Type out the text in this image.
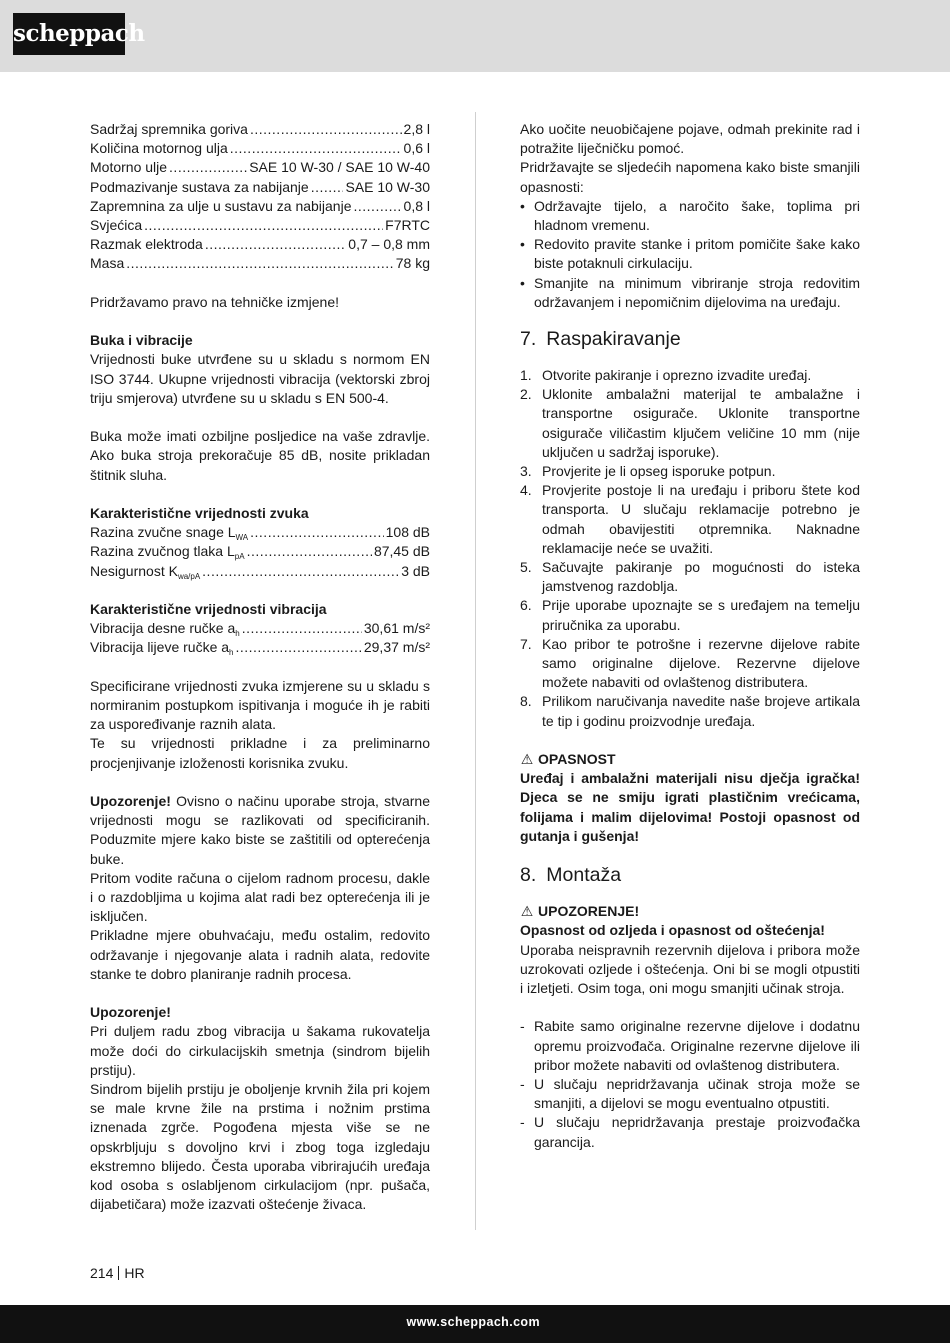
scheppach
Sadržaj spremnika goriva .....	2,8 l
Količina motornog ulja .....	0,6 l
Motorno ulje .....	SAE 10 W-30 / SAE 10 W-40
Podmazivanje sustava za nabijanje .....	SAE 10 W-30
Zapremnina za ulje u sustavu za nabijanje .....	0,8 l
Svjećica .....	F7RTC
Razmak elektroda .....	0,7 – 0,8 mm
Masa .....	78 kg

Pridržavamo pravo na tehničke izmjene!

Buka i vibracije

Vrijednosti buke utvrđene su u skladu s normom EN ISO 3744. Ukupne vrijednosti vibracija (vektorski zbroj triju smjerova) utvrđene su u skladu s EN 500-4.

Buka može imati ozbiljne posljedice na vaše zdravlje. Ako buka stroja prekoračuje 85 dB, nosite prikladan štitnik sluha.

Karakteristične vrijednosti zvuka

Razina zvučne snage $L_{WA}$ .....	108 dB
Razina zvučnog tlaka $L_{pA}$ .....	87,45 dB
Nesigurnost $K_{wa/pA}$ .....	3 dB

Karakteristične vrijednosti vibracija

Vibracija desne ručke $a_h$ .....	30,61 m/s²
Vibracija lijeve ručke $a_h$ .....	29,37 m/s²

Specificirane vrijednosti zvuka izmjerene su u skladu s normiranim postupkom ispitivanja i moguće ih je rabiti za uspoređivanje raznih alata.

Te su vrijednosti prikladne i za preliminarno procjenjivanje izloženosti korisnika zvuku.

Upozorenje! Ovisno o načinu uporabe stroja, stvarne vrijednosti mogu se razlikovati od specificiranih. Poduzmite mjere kako biste se zaštitili od opterećenja buke.

Pritom vodite računa o cijelom radnom procesu, dakle i o razdobljima u kojima alat radi bez opterećenja ili je isključen.

Prikladne mjere obuhvaćaju, među ostalim, redovito održavanje i njegovanje alata i radnih alata, redovite stanke te dobro planiranje radnih procesa.

Upozorenje!

Pri duljem radu zbog vibracija u šakama rukovatelja može doći do cirkulacijskih smetnja (sindrom bijelih prstiju).

Sindrom bijelih prstiju je oboljenje krvnih žila pri kojem se male krvne žile na prstima i nožnim prstima iznenada zgrče. Pogođena mjesta više se ne opskrbljuju s dovoljno krvi i zbog toga izgledaju ekstremno blijedo. Česta uporaba vibrirajućih uređaja kod osoba s oslabljenom cirkulacijom (npr. pušača, dijabetičara) može izazvati oštećenje živaca.

Ako uočite neuobičajene pojave, odmah prekinite rad i potražite liječničku pomoć.

Pridržavajte se sljedećih napomena kako biste smanjili opasnosti:

• Održavajte tijelo, a naročito šake, toplima pri hladnom vremenu.
• Redovito pravite stanke i pritom pomičite šake kako biste potaknuli cirkulaciju.
• Smanjite na minimum vibriranje stroja redovitim održavanjem i nepomičnim dijelovima na uređaju.
7. Raspakiravanje
1. Otvorite pakiranje i oprezno izvadite uređaj.
2. Uklonite ambalažni materijal te ambalažne i transportne osigurače. Uklonite transportne osigurače viličastim ključem veličine 10 mm (nije uključen u sadržaj isporuke).
3. Provjerite je li opseg isporuke potpun.
4. Provjerite postoje li na uređaju i priboru štete kod transporta. U slučaju reklamacije potrebno je odmah obavijestiti otpremnika. Naknadne reklamacije neće se uvažiti.
5. Sačuvajte pakiranje po mogućnosti do isteka jamstvenog razdoblja.
6. Prije uporabe upoznajte se s uređajem na temelju priručnika za uporabu.
7. Kao pribor te potrošne i rezervne dijelove rabite samo originalne dijelove. Rezervne dijelove možete nabaviti od ovlaštenog distributera.
8. Prilikom naručivanja navedite naše brojeve artikala te tip i godinu proizvodnje uređaja.

⚠ OPASNOST

Uređaj i ambalažni materijali nisu dječja igračka! Djeca se ne smiju igrati plastičnim vrećicama, folijama i malim dijelovima! Postoji opasnost od gutanja i gušenja!

8. Montaža

⚠ UPOZORENJE!

Opasnost od ozljeda i opasnost od oštećenja!

Uporaba neispravnih rezervnih dijelova i pribora može uzrokovati ozljede i oštećenja. Oni bi se mogli otpustiti i izletjeti. Osim toga, oni mogu smanjiti učinak stroja.

- Rabite samo originalne rezervne dijelove i dodatnu opremu proizvođača. Originalne rezervne dijelove ili pribor možete nabaviti od ovlaštenog distributera.
- U slučaju nepridržavanja učinak stroja može se smanjiti, a dijelovi se mogu eventualno otpustiti.
- U slučaju nepridržavanja prestaje proizvođačka garancija.
214 HR
www.scheppach.com
